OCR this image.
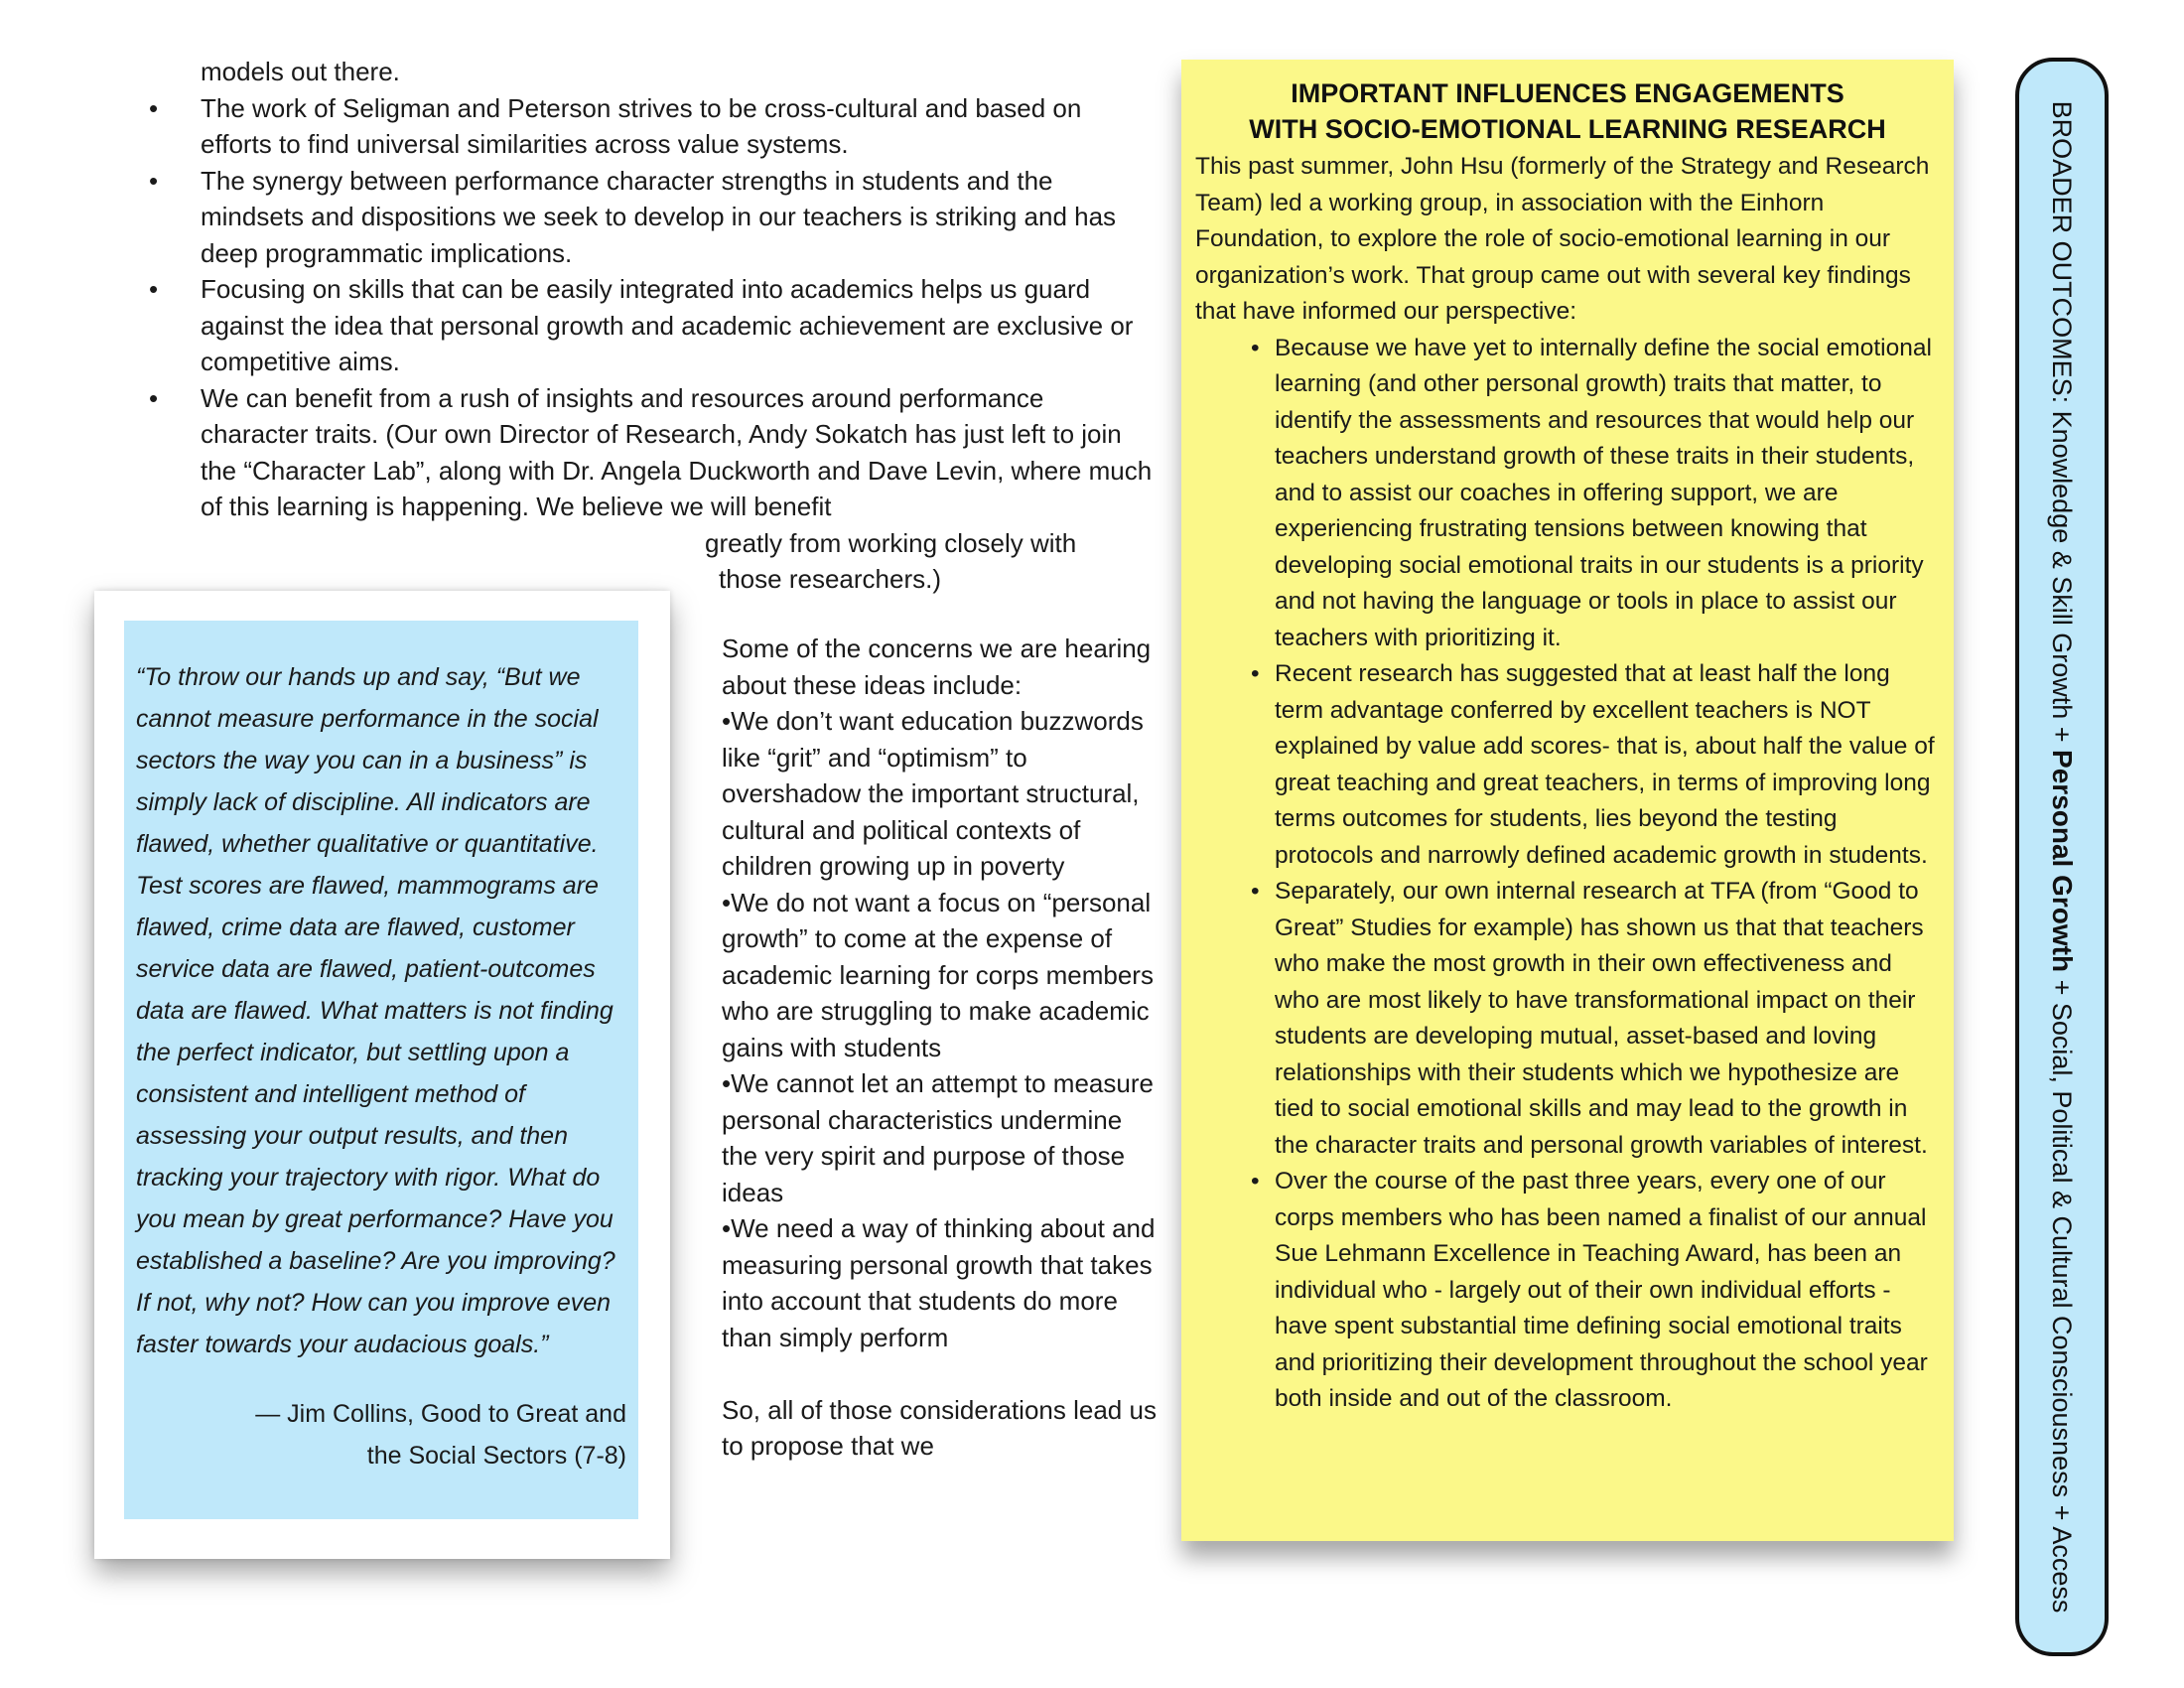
models out there.
• The work of Seligman and Peterson strives to be cross-cultural and based on efforts to find universal similarities across value systems.
• The synergy between performance character strengths in students and the mindsets and dispositions we seek to develop in our teachers is striking and has deep programmatic implications.
• Focusing on skills that can be easily integrated into academics helps us guard against the idea that personal growth and academic achievement are exclusive or competitive aims.
• We can benefit from a rush of insights and resources around performance character traits. (Our own Director of Research, Andy Sokatch has just left to join the “Character Lab”, along with Dr. Angela Duckworth and Dave Levin, where much of this learning is happening. We believe we will benefit
greatly from working closely with
those researchers.)

“To throw our hands up and say, “But we cannot measure performance in the social sectors the way you can in a business” is simply lack of discipline. All indicators are flawed, whether qualitative or quantitative. Test scores are flawed, mammograms are flawed, crime data are flawed, customer service data are flawed, patient-outcomes data are flawed. What matters is not finding the perfect indicator, but settling upon a consistent and intelligent method of assessing your output results, and then tracking your trajectory with rigor. What do you mean by great performance? Have you established a baseline? Are you improving? If not, why not? How can you improve even faster towards your audacious goals.”

— Jim Collins, Good to Great and
the Social Sectors (7-8)

Some of the concerns we are hearing about these ideas include:

•We don’t want education buzzwords like “grit” and “optimism” to overshadow the important structural, cultural and political contexts of children growing up in poverty

•We do not want a focus on “personal growth” to come at the expense of academic learning for corps members who are struggling to make academic gains with students

•We cannot let an attempt to measure personal characteristics undermine the very spirit and purpose of those ideas

•We need a way of thinking about and measuring personal growth that takes into account that students do more than simply perform

So, all of those considerations lead us to propose that we

IMPORTANT INFLUENCES ENGAGEMENTS

WITH SOCIO-EMOTIONAL LEARNING RESEARCH

This past summer, John Hsu (formerly of the Strategy and Research Team) led a working group, in association with the Einhorn Foundation, to explore the role of socio-emotional learning in our organization’s work. That group came out with several key findings that have informed our perspective:

• Because we have yet to internally define the social emotional learning (and other personal growth) traits that matter, to identify the assessments and resources that would help our teachers understand growth of these traits in their students, and to assist our coaches in offering support, we are experiencing frustrating tensions between knowing that developing social emotional traits in our students is a priority and not having the language or tools in place to assist our teachers with prioritizing it.
• Recent research has suggested that at least half the long term advantage conferred by excellent teachers is NOT explained by value add scores- that is, about half the value of great teaching and great teachers, in terms of improving long terms outcomes for students, lies beyond the testing protocols and narrowly defined academic growth in students.
• Separately, our own internal research at TFA (from “Good to Great” Studies for example) has shown us that that teachers who make the most growth in their own effectiveness and who are most likely to have transformational impact on their students are developing mutual, asset-based and loving relationships with their students which we hypothesize are tied to social emotional skills and may lead to the growth in the character traits and personal growth variables of interest.
• Over the course of the past three years, every one of our corps members who has been named a finalist of our annual Sue Lehmann Excellence in Teaching Award, has been an individual who - largely out of their own individual efforts - have spent substantial time defining social emotional traits and prioritizing their development throughout the school year both inside and out of the classroom.
BROADER OUTCOMES: Knowledge & Skill Growth + Personal Growth + Social, Political & Cultural Consciousness + Access
